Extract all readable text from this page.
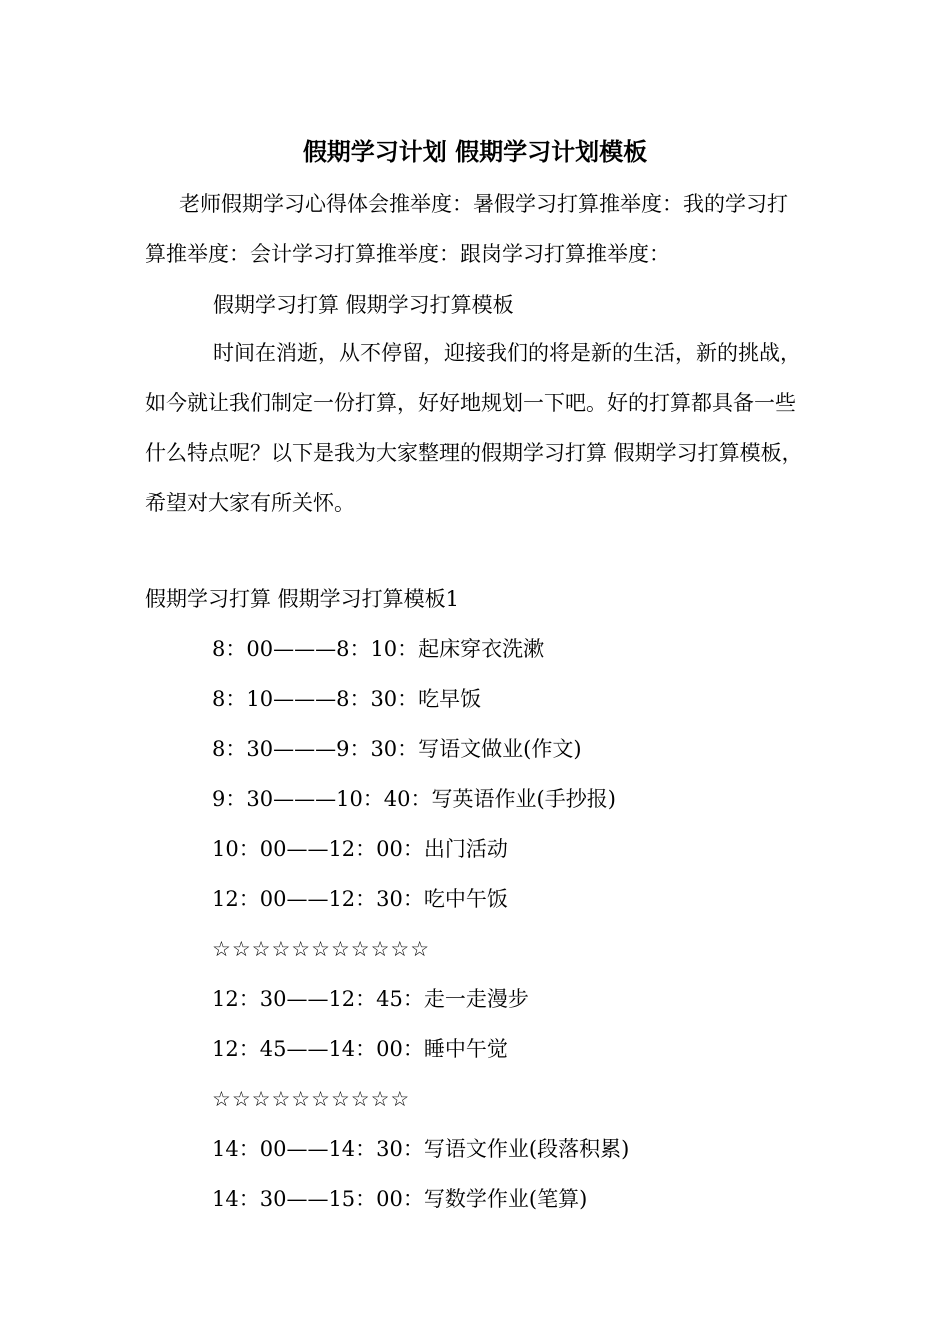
假期学习计划 假期学习计划模板

老师假期学习心得体会推举度：暑假学习打算推举度：我的学习打算推举度：会计学习打算推举度：跟岗学习打算推举度：

假期学习打算 假期学习打算模板

时间在消逝，从不停留，迎接我们的将是新的生活，新的挑战，如今就让我们制定一份打算，好好地规划一下吧。好的打算都具备一些什么特点呢？以下是我为大家整理的假期学习打算 假期学习打算模板，希望对大家有所关怀。

假期学习打算 假期学习打算模板1

8：00———8：10：起床穿衣洗漱
8：10———8：30：吃早饭
8：30———9：30：写语文做业(作文)
9：30———10：40：写英语作业(手抄报)
10：00——12：00：出门活动
12：00——12：30：吃中午饭
☆☆☆☆☆☆☆☆☆☆☆
12：30——12：45：走一走漫步
12：45——14：00：睡中午觉
☆☆☆☆☆☆☆☆☆☆
14：00——14：30：写语文作业(段落积累)
14：30——15：00：写数学作业(笔算)
